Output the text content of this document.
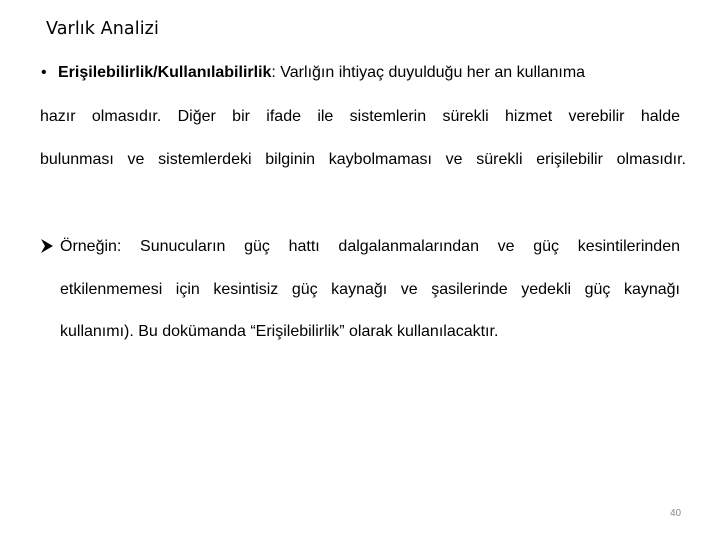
Varlık Analizi
• Erişilebilirlik/Kullanılabilirlik: Varlığın ihtiyaç duyulduğu her an kullanıma
hazır olmasıdır. Diğer bir ifade ile sistemlerin sürekli hizmet verebilir halde
bulunması ve sistemlerdeki bilginin kaybolmaması ve sürekli erişilebilir olmasıdır.
Örneğin: Sunucuların güç hattı dalgalanmalarından ve güç kesintilerinden
etkilenmemesi için kesintisiz güç kaynağı ve şasilerinde yedekli güç kaynağı
kullanımı). Bu dokümanda “Erişilebilirlik” olarak kullanılacaktır.
40
